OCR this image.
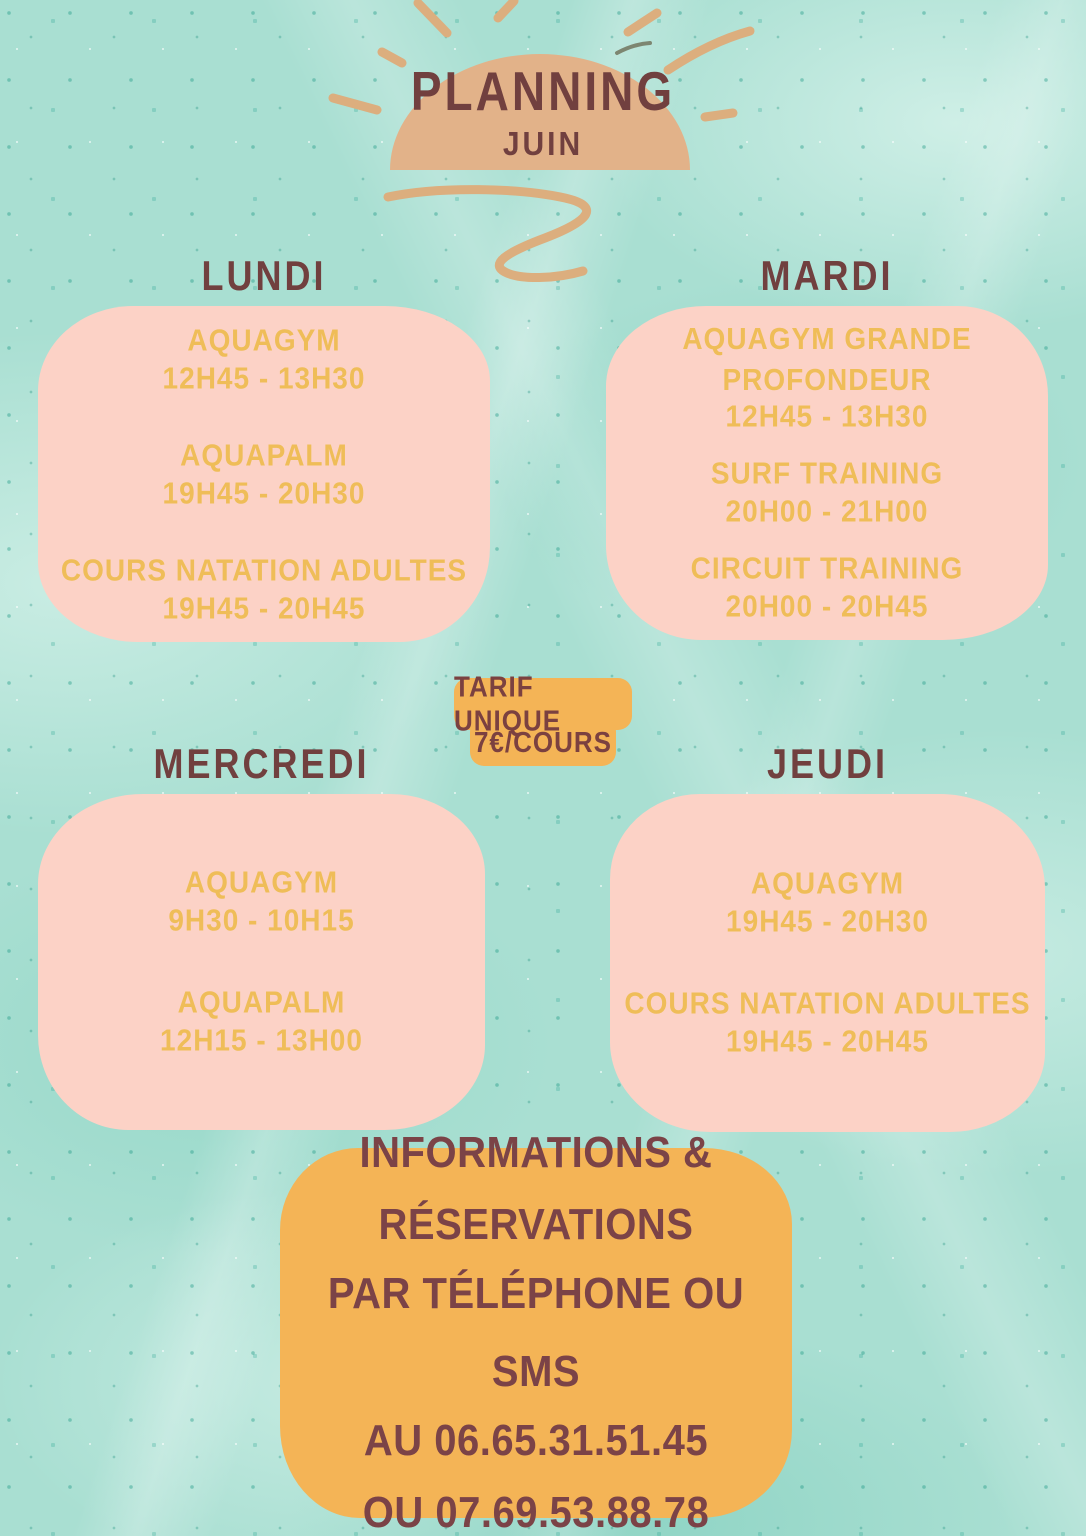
PLANNING
JUIN
LUNDI
AQUAGYM
12H45 - 13H30
AQUAPALM
19H45 - 20H30
COURS NATATION ADULTES
19H45 - 20H45
MARDI
AQUAGYM GRANDE PROFONDEUR
12H45 - 13H30
SURF TRAINING
20H00 - 21H00
CIRCUIT TRAINING
20H00 - 20H45
TARIF UNIQUE
7€/COURS
MERCREDI
AQUAGYM
9H30 - 10H15
AQUAPALM
12H15 - 13H00
JEUDI
AQUAGYM
19H45 - 20H30
COURS NATATION ADULTES
19H45 - 20H45
INFORMATIONS &
RÉSERVATIONS
PAR TÉLÉPHONE OU SMS
AU 06.65.31.51.45
OU 07.69.53.88.78
